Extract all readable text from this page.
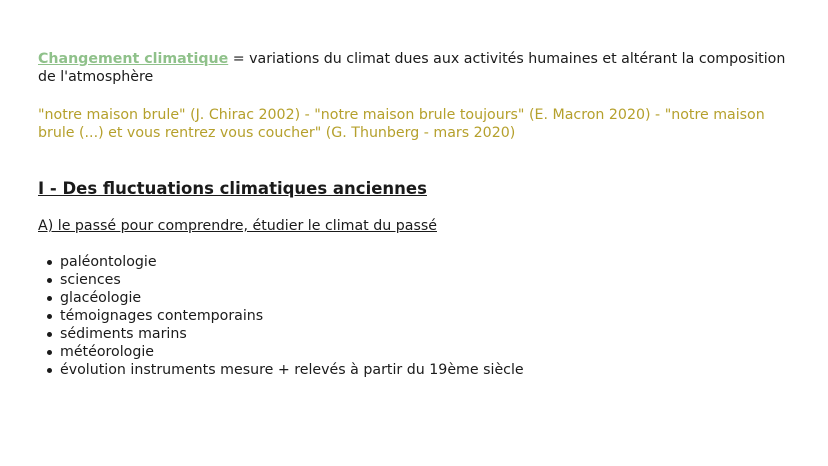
Changement climatique = variations du climat dues aux activités humaines et altérant la composition de l'atmosphère

"notre maison brule" (J. Chirac 2002) - "notre maison brule toujours" (E. Macron 2020) - "notre maison brule (...) et vous rentrez vous coucher" (G. Thunberg - mars 2020)

I - Des fluctuations climatiques anciennes
A) le passé pour comprendre, étudier le climat du passé
paléontologie
sciences
glacéologie
témoignages contemporains
sédiments marins
météorologie
évolution instruments mesure + relevés à partir du 19ème siècle
